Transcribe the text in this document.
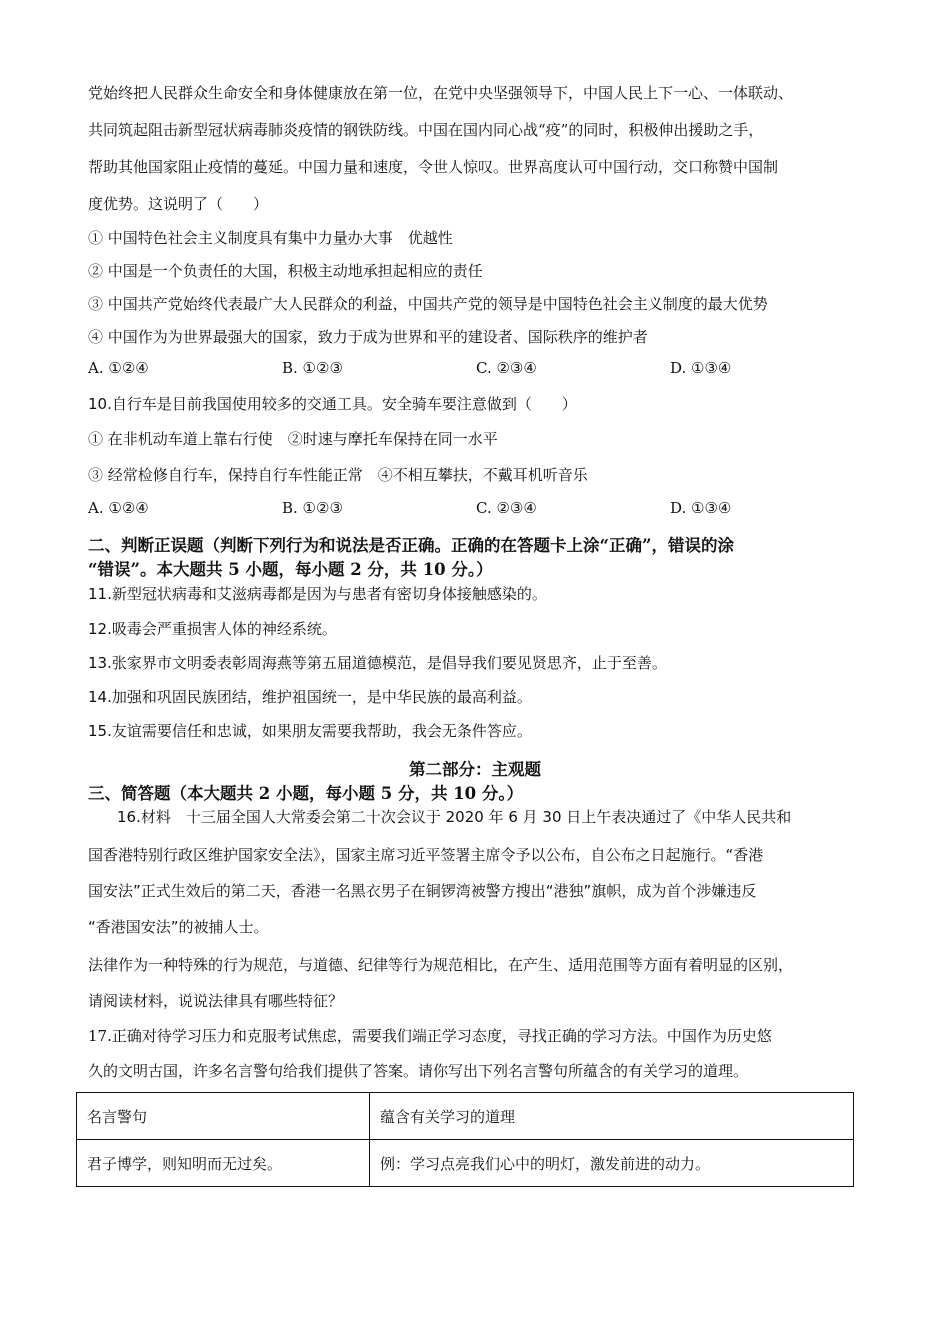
党始终把人民群众生命安全和身体健康放在第一位，在党中央坚强领导下，中国人民上下一心、一体联动、
共同筑起阻击新型冠状病毒肺炎疫情的钢铁防线。中国在国内同心战“疫”的同时，积极伸出援助之手，
帮助其他国家阻止疫情的蔓延。中国力量和速度，令世人惊叹。世界高度认可中国行动，交口称赞中国制
度优势。这说明了（　　）
① 中国特色社会主义制度具有集中力量办大事　优越性
② 中国是一个负责任的大国，积极主动地承担起相应的责任
③ 中国共产党始终代表最广大人民群众的利益，中国共产党的领导是中国特色社会主义制度的最大优势
④ 中国作为为世界最强大的国家，致力于成为世界和平的建设者、国际秩序的维护者
A. ①②④	B. ①②③	C. ②③④	D. ①③④
10.自行车是目前我国使用较多的交通工具。安全骑车要注意做到（　　）
① 在非机动车道上靠右行使　②时速与摩托车保持在同一水平
③ 经常检修自行车，保持自行车性能正常　④不相互攀扶，不戴耳机听音乐
A. ①②④	B. ①②③	C. ②③④	D. ①③④
二、判断正误题（判断下列行为和说法是否正确。正确的在答题卡上涂“正确”，错误的涂
“错误”。本大题共 5 小题，每小题 2 分，共 10 分。）
11.新型冠状病毒和艾滋病毒都是因为与患者有密切身体接触感染的。
12.吸毒会严重损害人体的神经系统。
13.张家界市文明委表彰周海燕等第五届道德模范，是倡导我们要见贤思齐，止于至善。
14.加强和巩固民族团结，维护祖国统一，是中华民族的最高利益。
15.友谊需要信任和忠诚，如果朋友需要我帮助，我会无条件答应。
第二部分：主观题
三、简答题（本大题共 2 小题，每小题 5 分，共 10 分。）
16.材料　十三届全国人大常委会第二十次会议于 2020 年 6 月 30 日上午表决通过了《中华人民共和
国香港特别行政区维护国家安全法》，国家主席习近平签署主席令予以公布，自公布之日起施行。“香港
国安法”正式生效后的第二天，香港一名黑衣男子在铜锣湾被警方搜出“港独”旗帜，成为首个涉嫌违反
“香港国安法”的被捕人士。
法律作为一种特殊的行为规范，与道德、纪律等行为规范相比，在产生、适用范围等方面有着明显的区别，
请阅读材料，说说法律具有哪些特征？
17.正确对待学习压力和克服考试焦虑，需要我们端正学习态度，寻找正确的学习方法。中国作为历史悠
久的文明古国，许多名言警句给我们提供了答案。请你写出下列名言警句所蕴含的有关学习的道理。
名言警句	蕴含有关学习的道理
君子博学，则知明而无过矣。	例：学习点亮我们心中的明灯，激发前进的动力。
